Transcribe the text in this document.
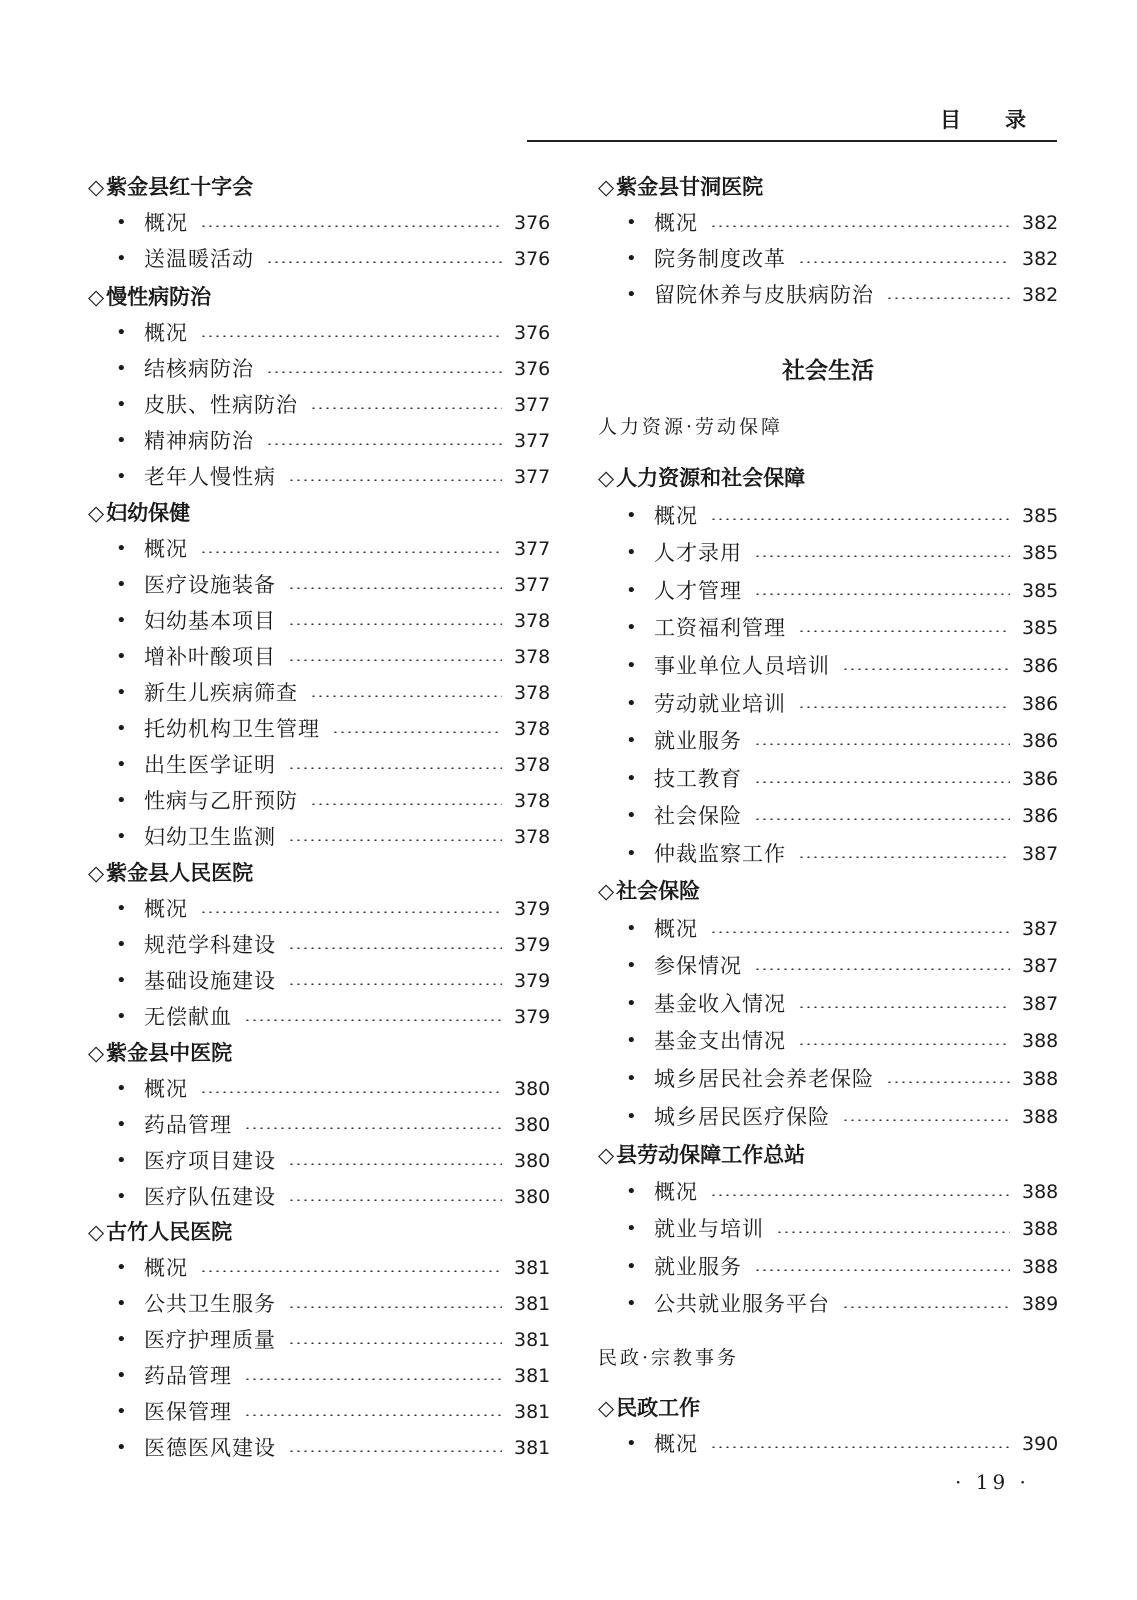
目录
◇紫金县红十字会
• 概况	376
• 送温暖活动	376
◇慢性病防治
• 概况	376
• 结核病防治	376
• 皮肤、性病防治	377
• 精神病防治	377
• 老年人慢性病	377
◇妇幼保健
• 概况	377
• 医疗设施装备	377
• 妇幼基本项目	378
• 增补叶酸项目	378
• 新生儿疾病筛查	378
• 托幼机构卫生管理	378
• 出生医学证明	378
• 性病与乙肝预防	378
• 妇幼卫生监测	378
◇紫金县人民医院
• 概况	379
• 规范学科建设	379
• 基础设施建设	379
• 无偿献血	379
◇紫金县中医院
• 概况	380
• 药品管理	380
• 医疗项目建设	380
• 医疗队伍建设	380
◇古竹人民医院
• 概况	381
• 公共卫生服务	381
• 医疗护理质量	381
• 药品管理	381
• 医保管理	381
• 医德医风建设	381
◇紫金县甘洞医院
• 概况	382
• 院务制度改革	382
• 留院休养与皮肤病防治	382
社会生活
人力资源·劳动保障
◇人力资源和社会保障
• 概况	385
• 人才录用	385
• 人才管理	385
• 工资福利管理	385
• 事业单位人员培训	386
• 劳动就业培训	386
• 就业服务	386
• 技工教育	386
• 社会保险	386
• 仲裁监察工作	387
◇社会保险
• 概况	387
• 参保情况	387
• 基金收入情况	387
• 基金支出情况	388
• 城乡居民社会养老保险	388
• 城乡居民医疗保险	388
◇县劳动保障工作总站
• 概况	388
• 就业与培训	388
• 就业服务	388
• 公共就业服务平台	389
民政·宗教事务
◇民政工作
• 概况	390
· 19 ·
